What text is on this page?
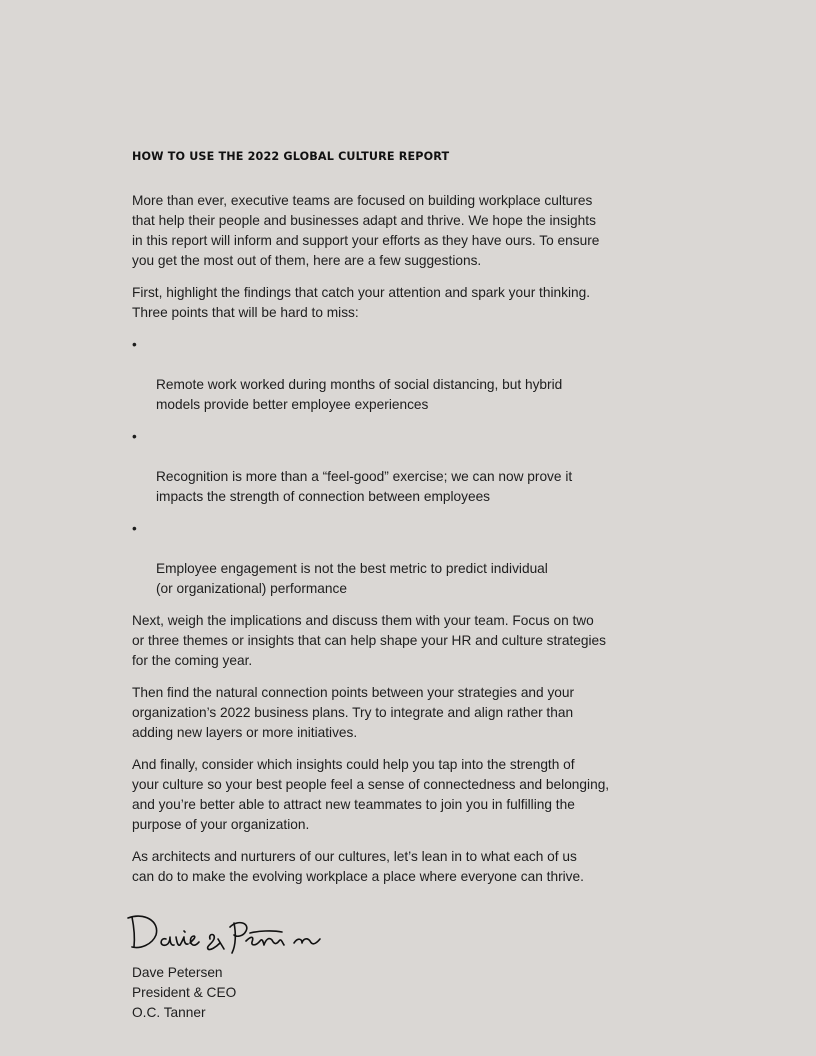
HOW TO USE THE 2022 GLOBAL CULTURE REPORT

More than ever, executive teams are focused on building workplace cultures
that help their people and businesses adapt and thrive. We hope the insights
in this report will inform and support your efforts as they have ours. To ensure
you get the most out of them, here are a few suggestions.

First, highlight the findings that catch your attention and spark your thinking.
Three points that will be hard to miss:

•

Remote work worked during months of social distancing, but hybrid
models provide better employee experiences

•

Recognition is more than a “feel-good” exercise; we can now prove it
impacts the strength of connection between employees

•

Employee engagement is not the best metric to predict individual
(or organizational) performance

Next, weigh the implications and discuss them with your team. Focus on two
or three themes or insights that can help shape your HR and culture strategies
for the coming year.

Then find the natural connection points between your strategies and your
organization’s 2022 business plans. Try to integrate and align rather than
adding new layers or more initiatives.

And finally, consider which insights could help you tap into the strength of
your culture so your best people feel a sense of connectedness and belonging,
and you’re better able to attract new teammates to join you in fulfilling the
purpose of your organization.

As architects and nurturers of our cultures, let’s lean in to what each of us
can do to make the evolving workplace a place where everyone can thrive.

Dave Petersen

President & CEO

O.C. Tanner
